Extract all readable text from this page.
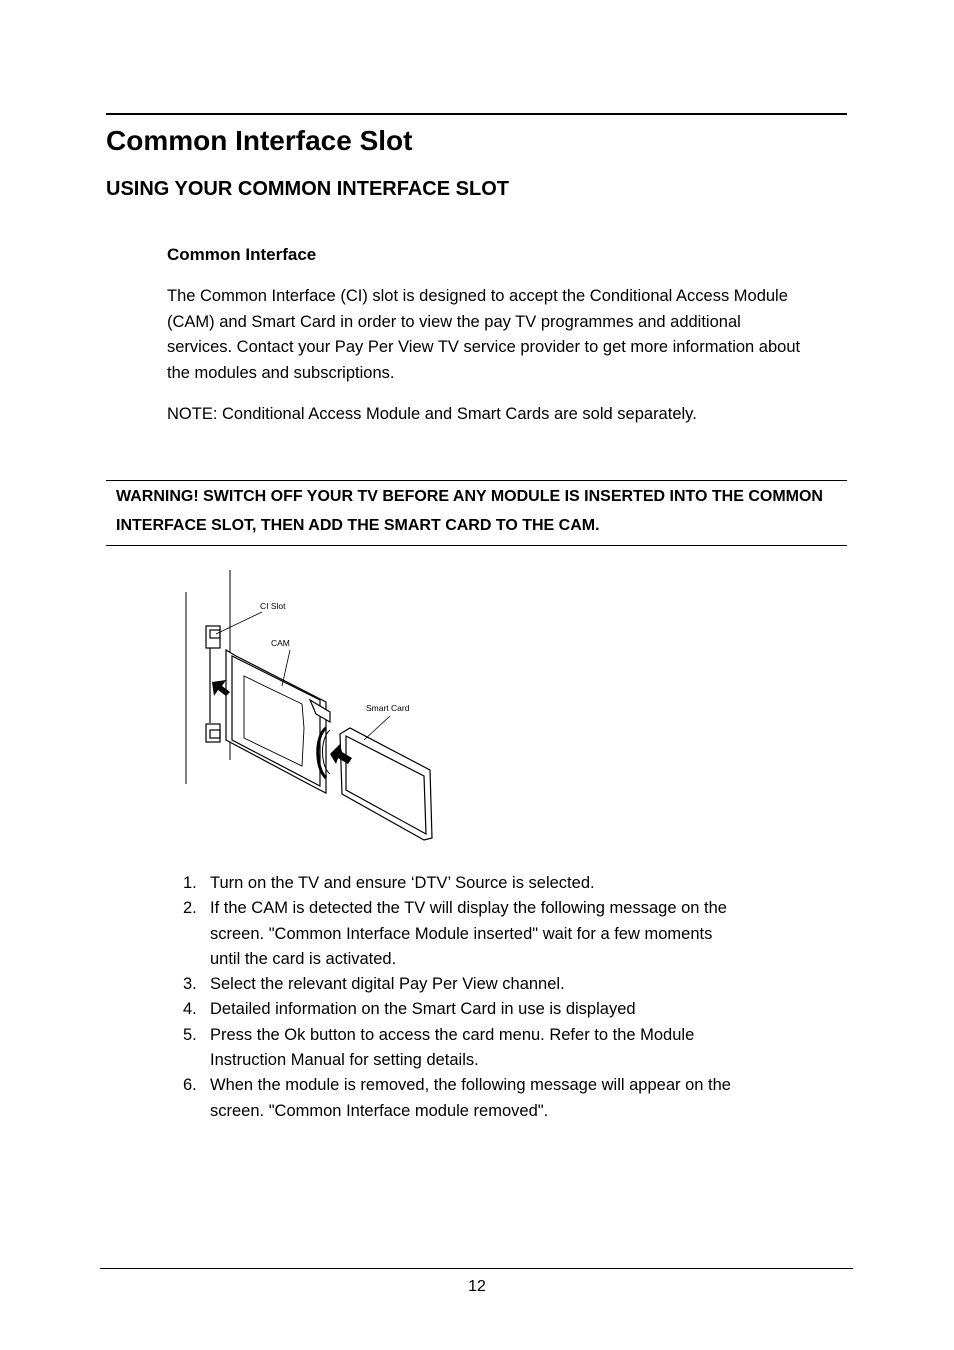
Common Interface Slot
USING YOUR COMMON INTERFACE SLOT
Common Interface

The Common Interface (CI) slot is designed to accept the Conditional Access Module (CAM) and Smart Card in order to view the pay TV programmes and additional services. Contact your Pay Per View TV service provider to get more information about the modules and subscriptions.

NOTE: Conditional Access Module and Smart Cards are sold separately.

WARNING! SWITCH OFF YOUR TV BEFORE ANY MODULE IS INSERTED INTO THE COMMON INTERFACE SLOT, THEN ADD THE SMART CARD TO THE CAM.

CI Slot
CAM
Smart Card
1. Turn on the TV and ensure ‘DTV’ Source is selected.
2. If the CAM is detected the TV will display the following message on the
screen. "Common Interface Module inserted" wait for a few moments
until the card is activated.
3. Select the relevant digital Pay Per View channel.
4. Detailed information on the Smart Card in use is displayed
5. Press the Ok button to access the card menu. Refer to the Module
Instruction Manual for setting details.
6. When the module is removed, the following message will appear on the
screen. "Common Interface module removed".
12
